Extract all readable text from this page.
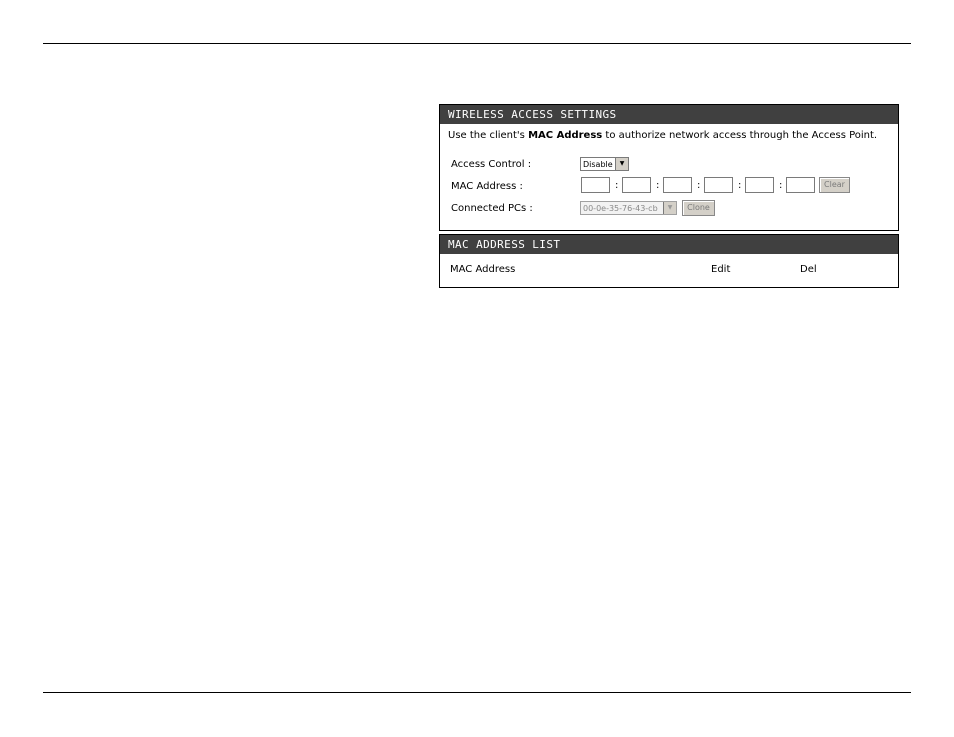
WIRELESS ACCESS SETTINGS
Use the client's MAC Address to authorize network access through the Access Point.
Access Control :	Disable	▼
MAC Address :	:	:	:	:	:	Clear
Connected PCs :	00-0e-35-76-43-cb	▼	Clone
MAC ADDRESS LIST
MAC Address	Edit	Del
